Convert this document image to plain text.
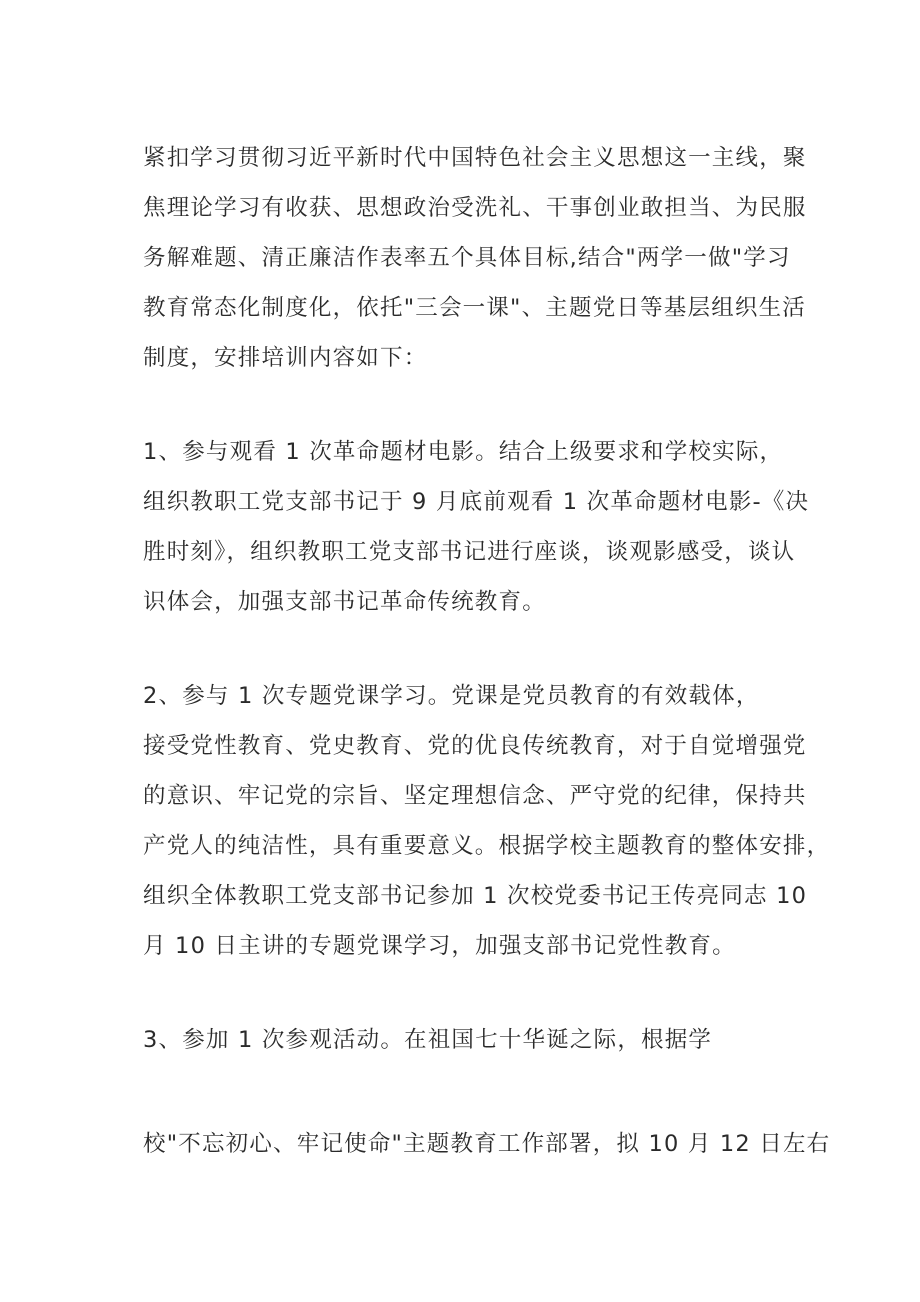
紧扣学习贯彻习近平新时代中国特色社会主义思想这一主线，聚
焦理论学习有收获、思想政治受洗礼、干事创业敢担当、为民服
务解难题、清正廉洁作表率五个具体目标,结合"两学一做"学习
教育常态化制度化，依托"三会一课"、主题党日等基层组织生活
制度，安排培训内容如下：
1、参与观看 1 次革命题材电影。结合上级要求和学校实际，
组织教职工党支部书记于 9 月底前观看 1 次革命题材电影-《决
胜时刻》，组织教职工党支部书记进行座谈，谈观影感受，谈认
识体会，加强支部书记革命传统教育。
2、参与 1 次专题党课学习。党课是党员教育的有效载体，
接受党性教育、党史教育、党的优良传统教育，对于自觉增强党
的意识、牢记党的宗旨、坚定理想信念、严守党的纪律，保持共
产党人的纯洁性，具有重要意义。根据学校主题教育的整体安排，
组织全体教职工党支部书记参加 1 次校党委书记王传亮同志 10
月 10 日主讲的专题党课学习，加强支部书记党性教育。
3、参加 1 次参观活动。在祖国七十华诞之际，根据学
校"不忘初心、牢记使命"主题教育工作部署，拟 10 月 12 日左右
